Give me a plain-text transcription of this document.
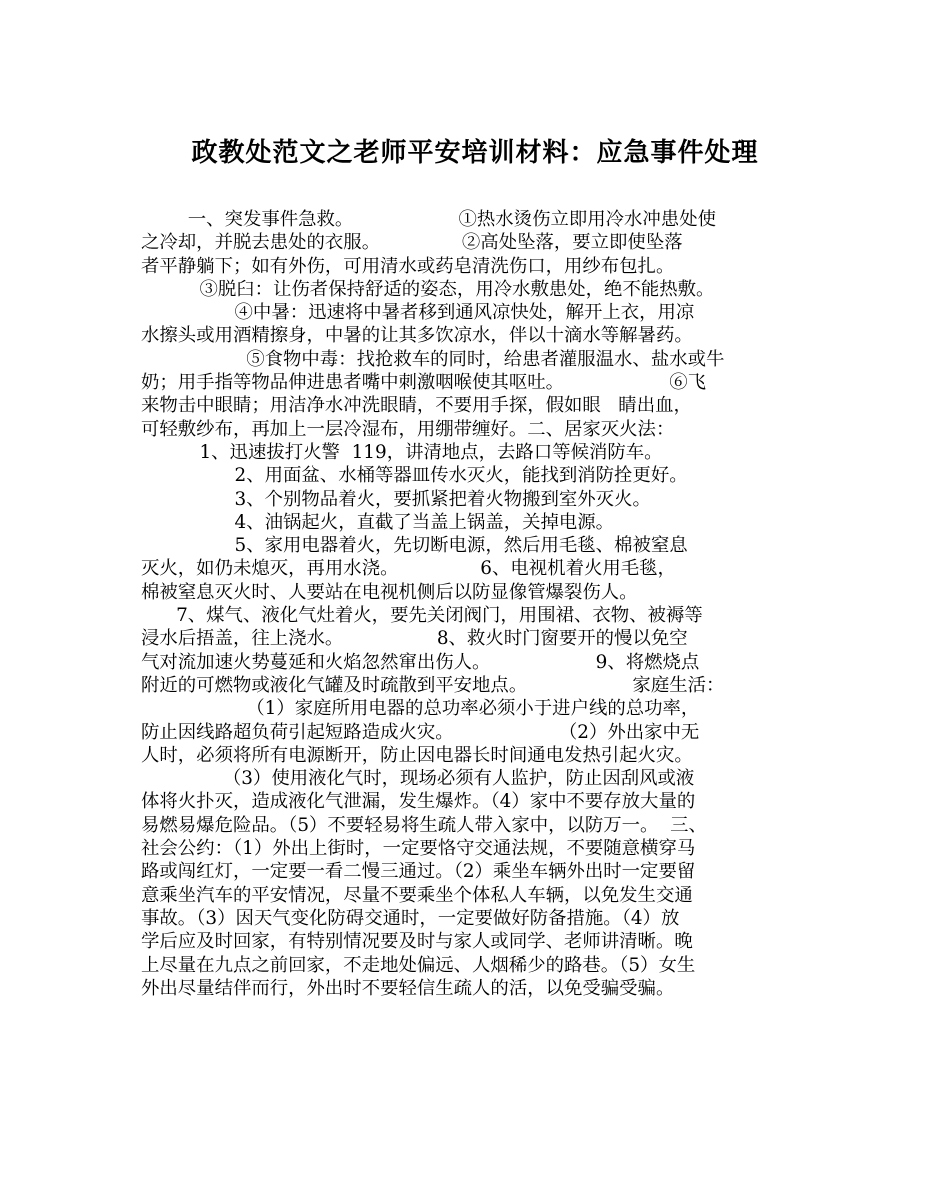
政教处范文之老师平安培训材料：应急事件处理
一、突发事件急救。                  ①热水烫伤立即用冷水冲患处使
之冷却，并脱去患处的衣服。              ②高处坠落，要立即使坠落
者平静躺下；如有外伤，可用清水或药皂清洗伤口，用纱布包扎。
③脱臼：让伤者保持舒适的姿态，用冷水敷患处，绝不能热敷。
④中暑：迅速将中暑者移到通风凉快处，解开上衣，用凉
水擦头或用酒精擦身，中暑的让其多饮凉水，伴以十滴水等解暑药。
⑤食物中毒：找抢救车的同时，给患者灌服温水、盐水或牛
奶；用手指等物品伸进患者嘴中刺激咽喉使其呕吐。                  ⑥飞
来物击中眼睛；用洁净水冲洗眼睛，不要用手探，假如眼   睛出血，
可轻敷纱布，再加上一层冷湿布，用绷带缠好。二、居家灭火法：
1、迅速拔打火警  119，讲清地点，去路口等候消防车。
2、用面盆、水桶等器皿传水灭火，能找到消防拴更好。
3、个别物品着火，要抓紧把着火物搬到室外灭火。
4、油锅起火，直截了当盖上锅盖，关掉电源。
5、家用电器着火，先切断电源，然后用毛毯、棉被窒息
灭火，如仍未熄灭，再用水浇。              6、电视机着火用毛毯，
棉被窒息灭火时、人要站在电视机侧后以防显像管爆裂伤人。
7、煤气、液化气灶着火，要先关闭阀门，用围裙、衣物、被褥等
浸水后捂盖，往上浇水。                8、救火时门窗要开的慢以免空
气对流加速火势蔓延和火焰忽然窜出伤人。                  9、将燃烧点
附近的可燃物或液化气罐及时疏散到平安地点。                  家庭生活：
（1）家庭所用电器的总功率必须小于进户线的总功率，
防止因线路超负荷引起短路造成火灾。                  （2）外出家中无
人时，必须将所有电源断开，防止因电器长时间通电发热引起火灾。
（3）使用液化气时，现场必须有人监护，防止因刮风或液
体将火扑灭，造成液化气泄漏，发生爆炸。（4）家中不要存放大量的
易燃易爆危险品。（5）不要轻易将生疏人带入家中，以防万一。  三、
社会公约：（1）外出上街时，一定要恪守交通法规，不要随意横穿马
路或闯红灯，一定要一看二慢三通过。（2）乘坐车辆外出时一定要留
意乘坐汽车的平安情况，尽量不要乘坐个体私人车辆，以免发生交通
事故。（3）因天气变化防碍交通时，一定要做好防备措施。（4）放
学后应及时回家，有特别情况要及时与家人或同学、老师讲清晰。晚
上尽量在九点之前回家，不走地处偏远、人烟稀少的路巷。（5）女生
外出尽量结伴而行，外出时不要轻信生疏人的活，以免受骗受骗。
